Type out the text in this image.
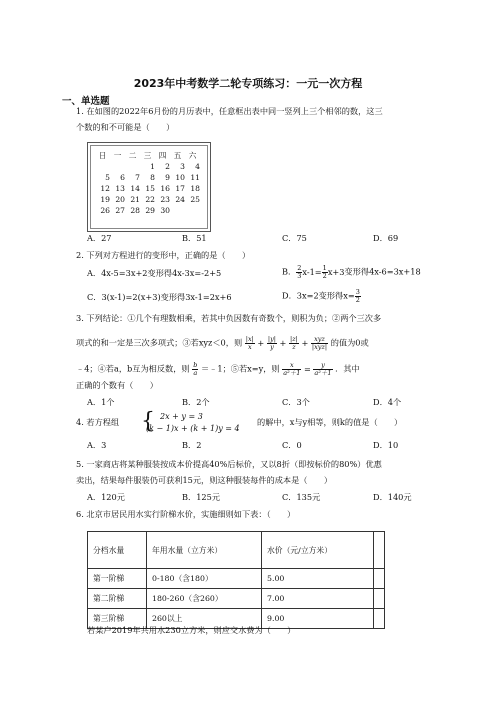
2023年中考数学二轮专项练习：一元一次方程
一、单选题
1. 在如图的2022年6月份的月历表中，任意框出表中同一竖列上三个相邻的数，这三
个数的和不可能是（　　）
日	一	二	三	四	五	六
			1	2	3	4
5	6	7	8	9	10	11
12	13	14	15	16	17	18
19	20	21	22	23	24	25
26	27	28	29	30		
A．27	B．51	C．75	D．69
2. 下列对方程进行的变形中，正确的是（　　）
A．4x-5=3x+2变形得4x-3x=-2+5	B． $\frac{2}{3} x-1= \frac{1}{2} x+3$变形得4x-6=3x+18
C．3(x-1)=2(x+3)变形得3x-1=2x+6	D．3x=2变形得$x= \frac{3}{2}$
3. 下列结论：①几个有理数相乘，若其中负因数有奇数个，则积为负；②两个三次多
项式的和一定是三次多项式；③若xyz＜0，则 $\frac{|x|}{x} + \frac{|y|}{y} + \frac{|z|}{z} + \frac{\text{xyz}}{\text{|xyz|}}$ 的值为0或
﹣4；④若a，b互为相反数，则 $\frac{b}{a}$ ＝﹣1；⑤若x=y，则 $\frac{x}{\text{a²＋1}} = \frac{y}{\text{a²＋1}}$ ．其中
正确的个数有（　　）
A．1个	B．2个	C．3个	D．4个
4. 若方程组 { 2x + y = 3
(k − 1)x + (k + 1)y = 4
的解中，x与y相等，则k的值是（　　）
A．3	B．2	C．0	D．10
5. 一家商店将某种服装按成本价提高40%后标价，又以8折（即按标价的80%）优惠
卖出，结果每件服装仍可获利15元，则这种服装每件的成本是（　　）
A．120元	B．125元	C．135元	D．140元
6. 北京市居民用水实行阶梯水价，实施细则如下表：（　　）
分档水量	年用水量（立方米）	水价（元/立方米）	
第一阶梯	0-180（含180）	5.00	
第二阶梯	180-260（含260）	7.00	
第三阶梯	260以上	9.00	
若某户2019年共用水230立方米，则应交水费为（　　）
